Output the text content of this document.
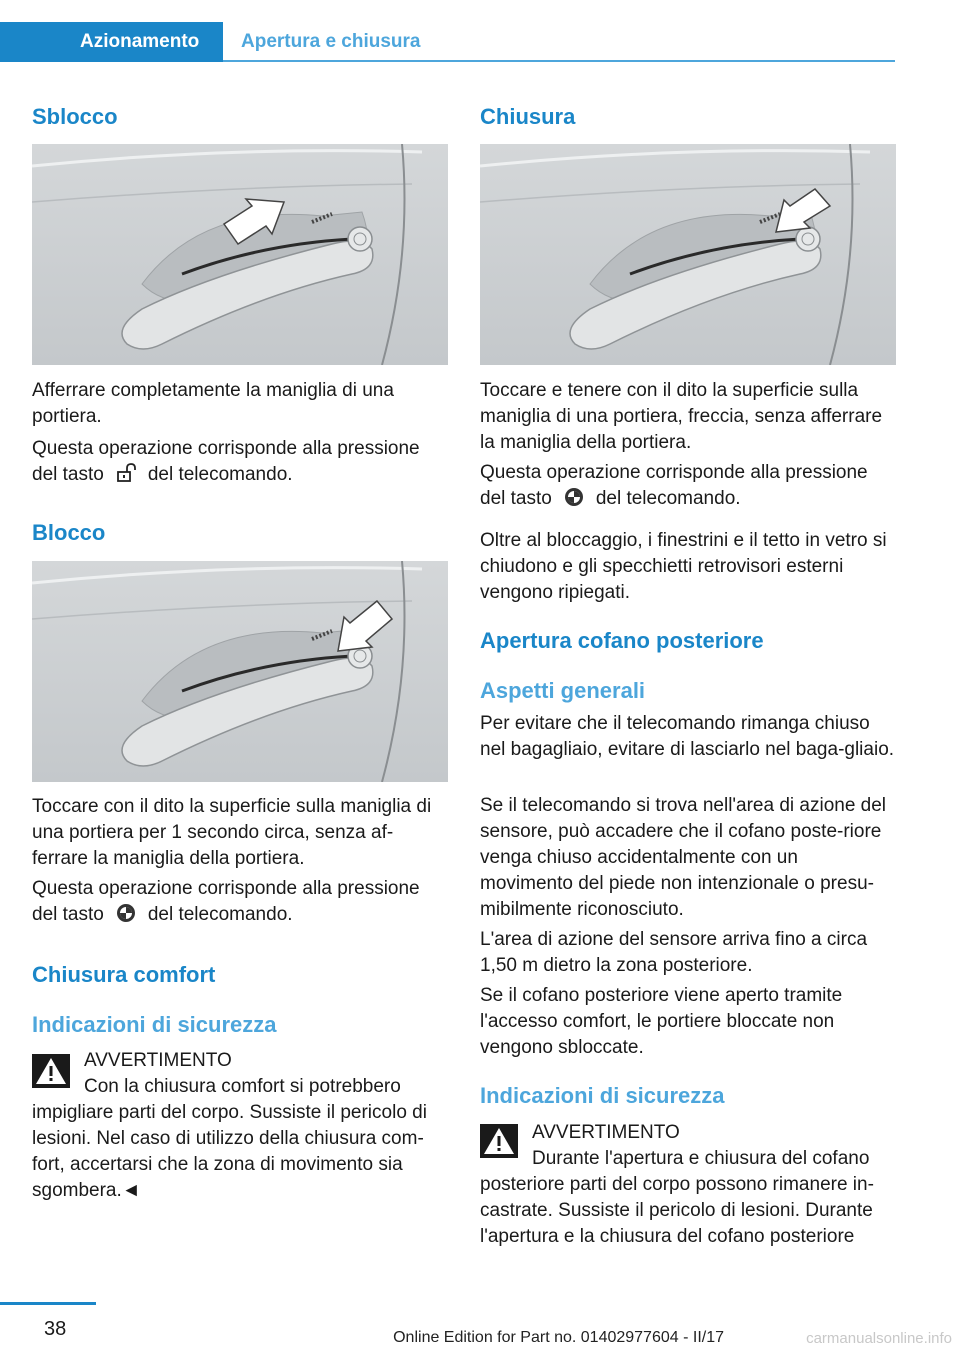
Azionamento	Apertura e chiusura
Sblocco
Afferrare completamente la maniglia di una portiera.
Questa operazione corrisponde alla pressione del tasto del telecomando.
Blocco
Toccare con il dito la superficie sulla maniglia di una portiera per 1 secondo circa, senza af‐ferrare la maniglia della portiera.
Questa operazione corrisponde alla pressione del tasto del telecomando.
Chiusura comfort
Indicazioni di sicurezza
AVVERTIMENTO
Con la chiusura comfort si potrebbero impigliare parti del corpo. Sussiste il pericolo di lesioni. Nel caso di utilizzo della chiusura com‐fort, accertarsi che la zona di movimento sia sgombera.◄
Chiusura
Toccare e tenere con il dito la superficie sulla maniglia di una portiera, freccia, senza afferrare la maniglia della portiera.
Questa operazione corrisponde alla pressione del tasto del telecomando.
Oltre al bloccaggio, i finestrini e il tetto in vetro si chiudono e gli specchietti retrovisori esterni vengono ripiegati.
Apertura cofano posteriore
Aspetti generali
Per evitare che il telecomando rimanga chiuso nel bagagliaio, evitare di lasciarlo nel baga‐gliaio.
Se il telecomando si trova nell'area di azione del sensore, può accadere che il cofano poste‐riore venga chiuso accidentalmente con un movimento del piede non intenzionale o presu‐mibilmente riconosciuto.
L'area di azione del sensore arriva fino a circa 1,50 m dietro la zona posteriore.
Se il cofano posteriore viene aperto tramite l'accesso comfort, le portiere bloccate non vengono sbloccate.
Indicazioni di sicurezza
AVVERTIMENTO
Durante l'apertura e chiusura del cofano posteriore parti del corpo possono rimanere in‐castrate. Sussiste il pericolo di lesioni. Durante l'apertura e la chiusura del cofano posteriore
38	Online Edition for Part no. 01402977604 - II/17	carmanualsonline.info
